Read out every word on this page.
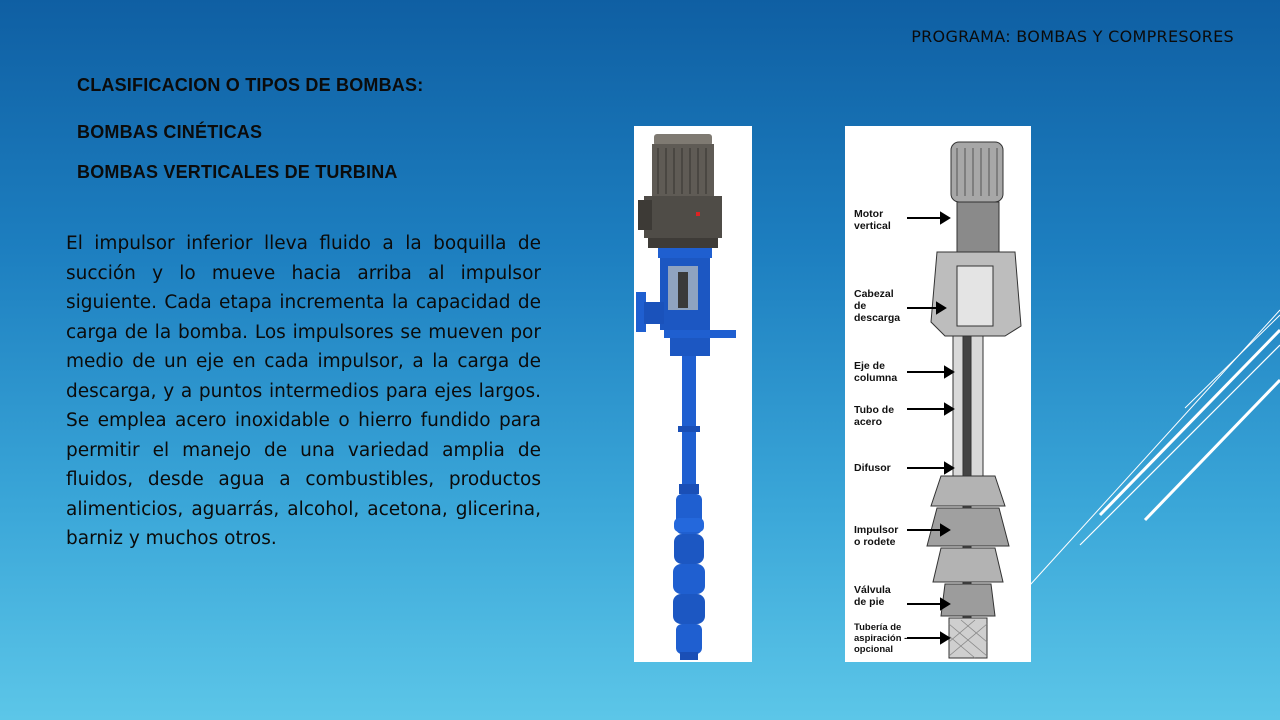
PROGRAMA: BOMBAS Y COMPRESORES
CLASIFICACION O TIPOS DE BOMBAS:
BOMBAS CINÉTICAS
BOMBAS VERTICALES DE TURBINA
El impulsor inferior lleva fluido a la boquilla de succión y lo mueve hacia arriba al impulsor siguiente. Cada etapa incrementa la capacidad de carga de la bomba. Los impulsores se mueven por medio de un eje en cada impulsor, a la carga de descarga, y a puntos intermedios para ejes largos. Se emplea acero inoxidable o hierro fundido para permitir el manejo de una variedad amplia de fluidos, desde agua a combustibles, productos alimenticios, aguarrás, alcohol, acetona, glicerina, barniz y muchos otros.
Motor
vertical
Cabezal
de
descarga
Eje de
columna
Tubo de
acero
Difusor
Impulsor
o rodete
Válvula
de pie
Tubería de
aspiración -
opcional
